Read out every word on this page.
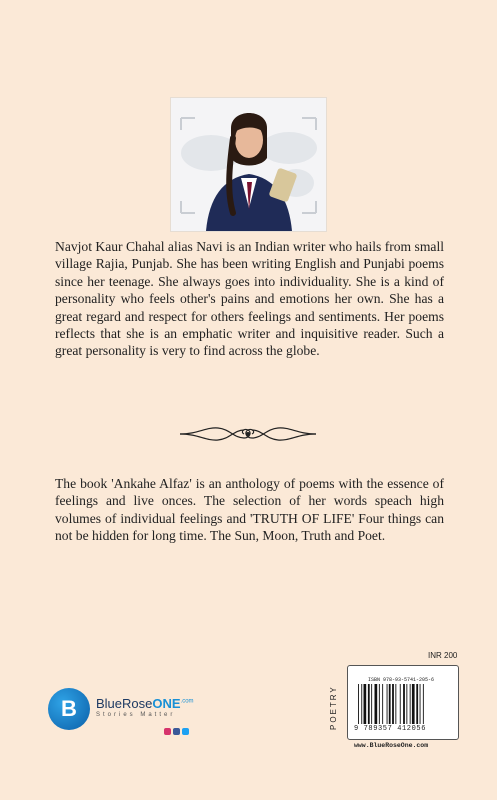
Navjot Kaur Chahal alias Navi is an Indian writer who hails from small village Rajia, Punjab. She has been writing English and Punjabi poems since her teenage. She always goes into individuality. She is a kind of personality who feels other's pains and emotions her own. She has a great regard and respect for others feelings and sentiments. Her poems reflects that she is an emphatic writer and inquisitive reader. Such a great personality is very to find across the globe.

The book 'Ankahe Alfaz' is an anthology of poems with the essence of feelings and live onces. The selection of her words speach high volumes of individual feelings and 'TRUTH OF LIFE' Four things can not be hidden for long time. The Sun, Moon, Truth and Poet.

B	BlueRoseONE$^{.com}$
Stories Matter
INR 200
POETRY
ISBN 978-93-5741-205-6
9 789357 412056
www.BlueRoseOne.com
